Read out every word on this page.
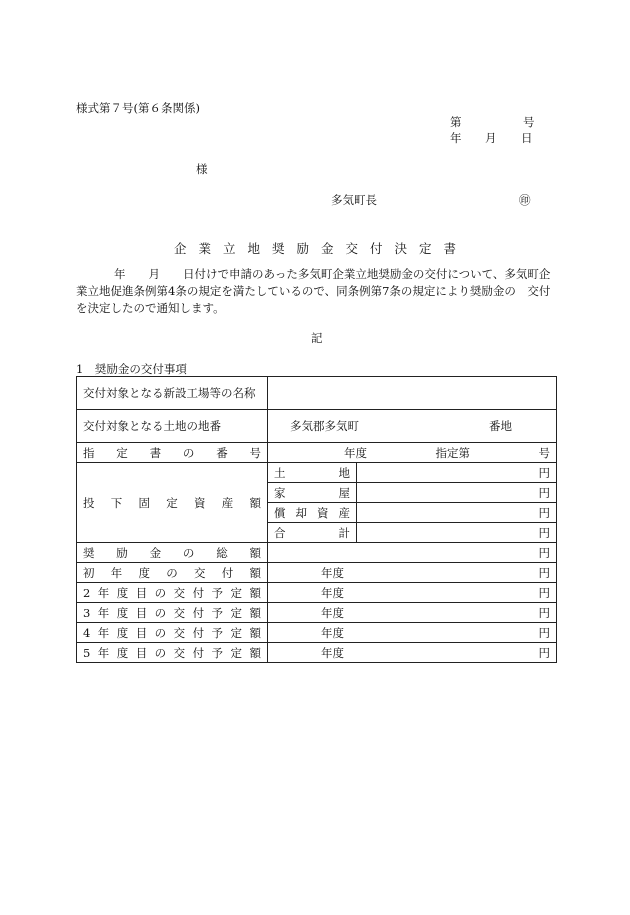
様式第７号(第６条関係)
第	号
年 月 日
様
多気町長	㊞
企業立地奨励金交付決定書
年　　月　　日付けで申請のあった多気町企業立地奨励金の交付について、多気町企業立地促進条例第4条の規定を満たしているので、同条例第7条の規定により奨励金の　交付を決定したので通知します。
記
1　奨励金の交付事項
交付対象となる新設工場等の名称		
交付対象となる土地の地番	多気郡多気町 番地	

指定書の番号	年度 指定第 号	

投下固定資産額	土地	円
	家屋	円
	償却資産	円
	合計	円
奨励金の総額	円	
初年度の交付額	年度 円	

2年度目の交付予定額	年度 円	

3年度目の交付予定額	年度 円	

4年度目の交付予定額	年度 円	

5年度目の交付予定額	年度 円	
